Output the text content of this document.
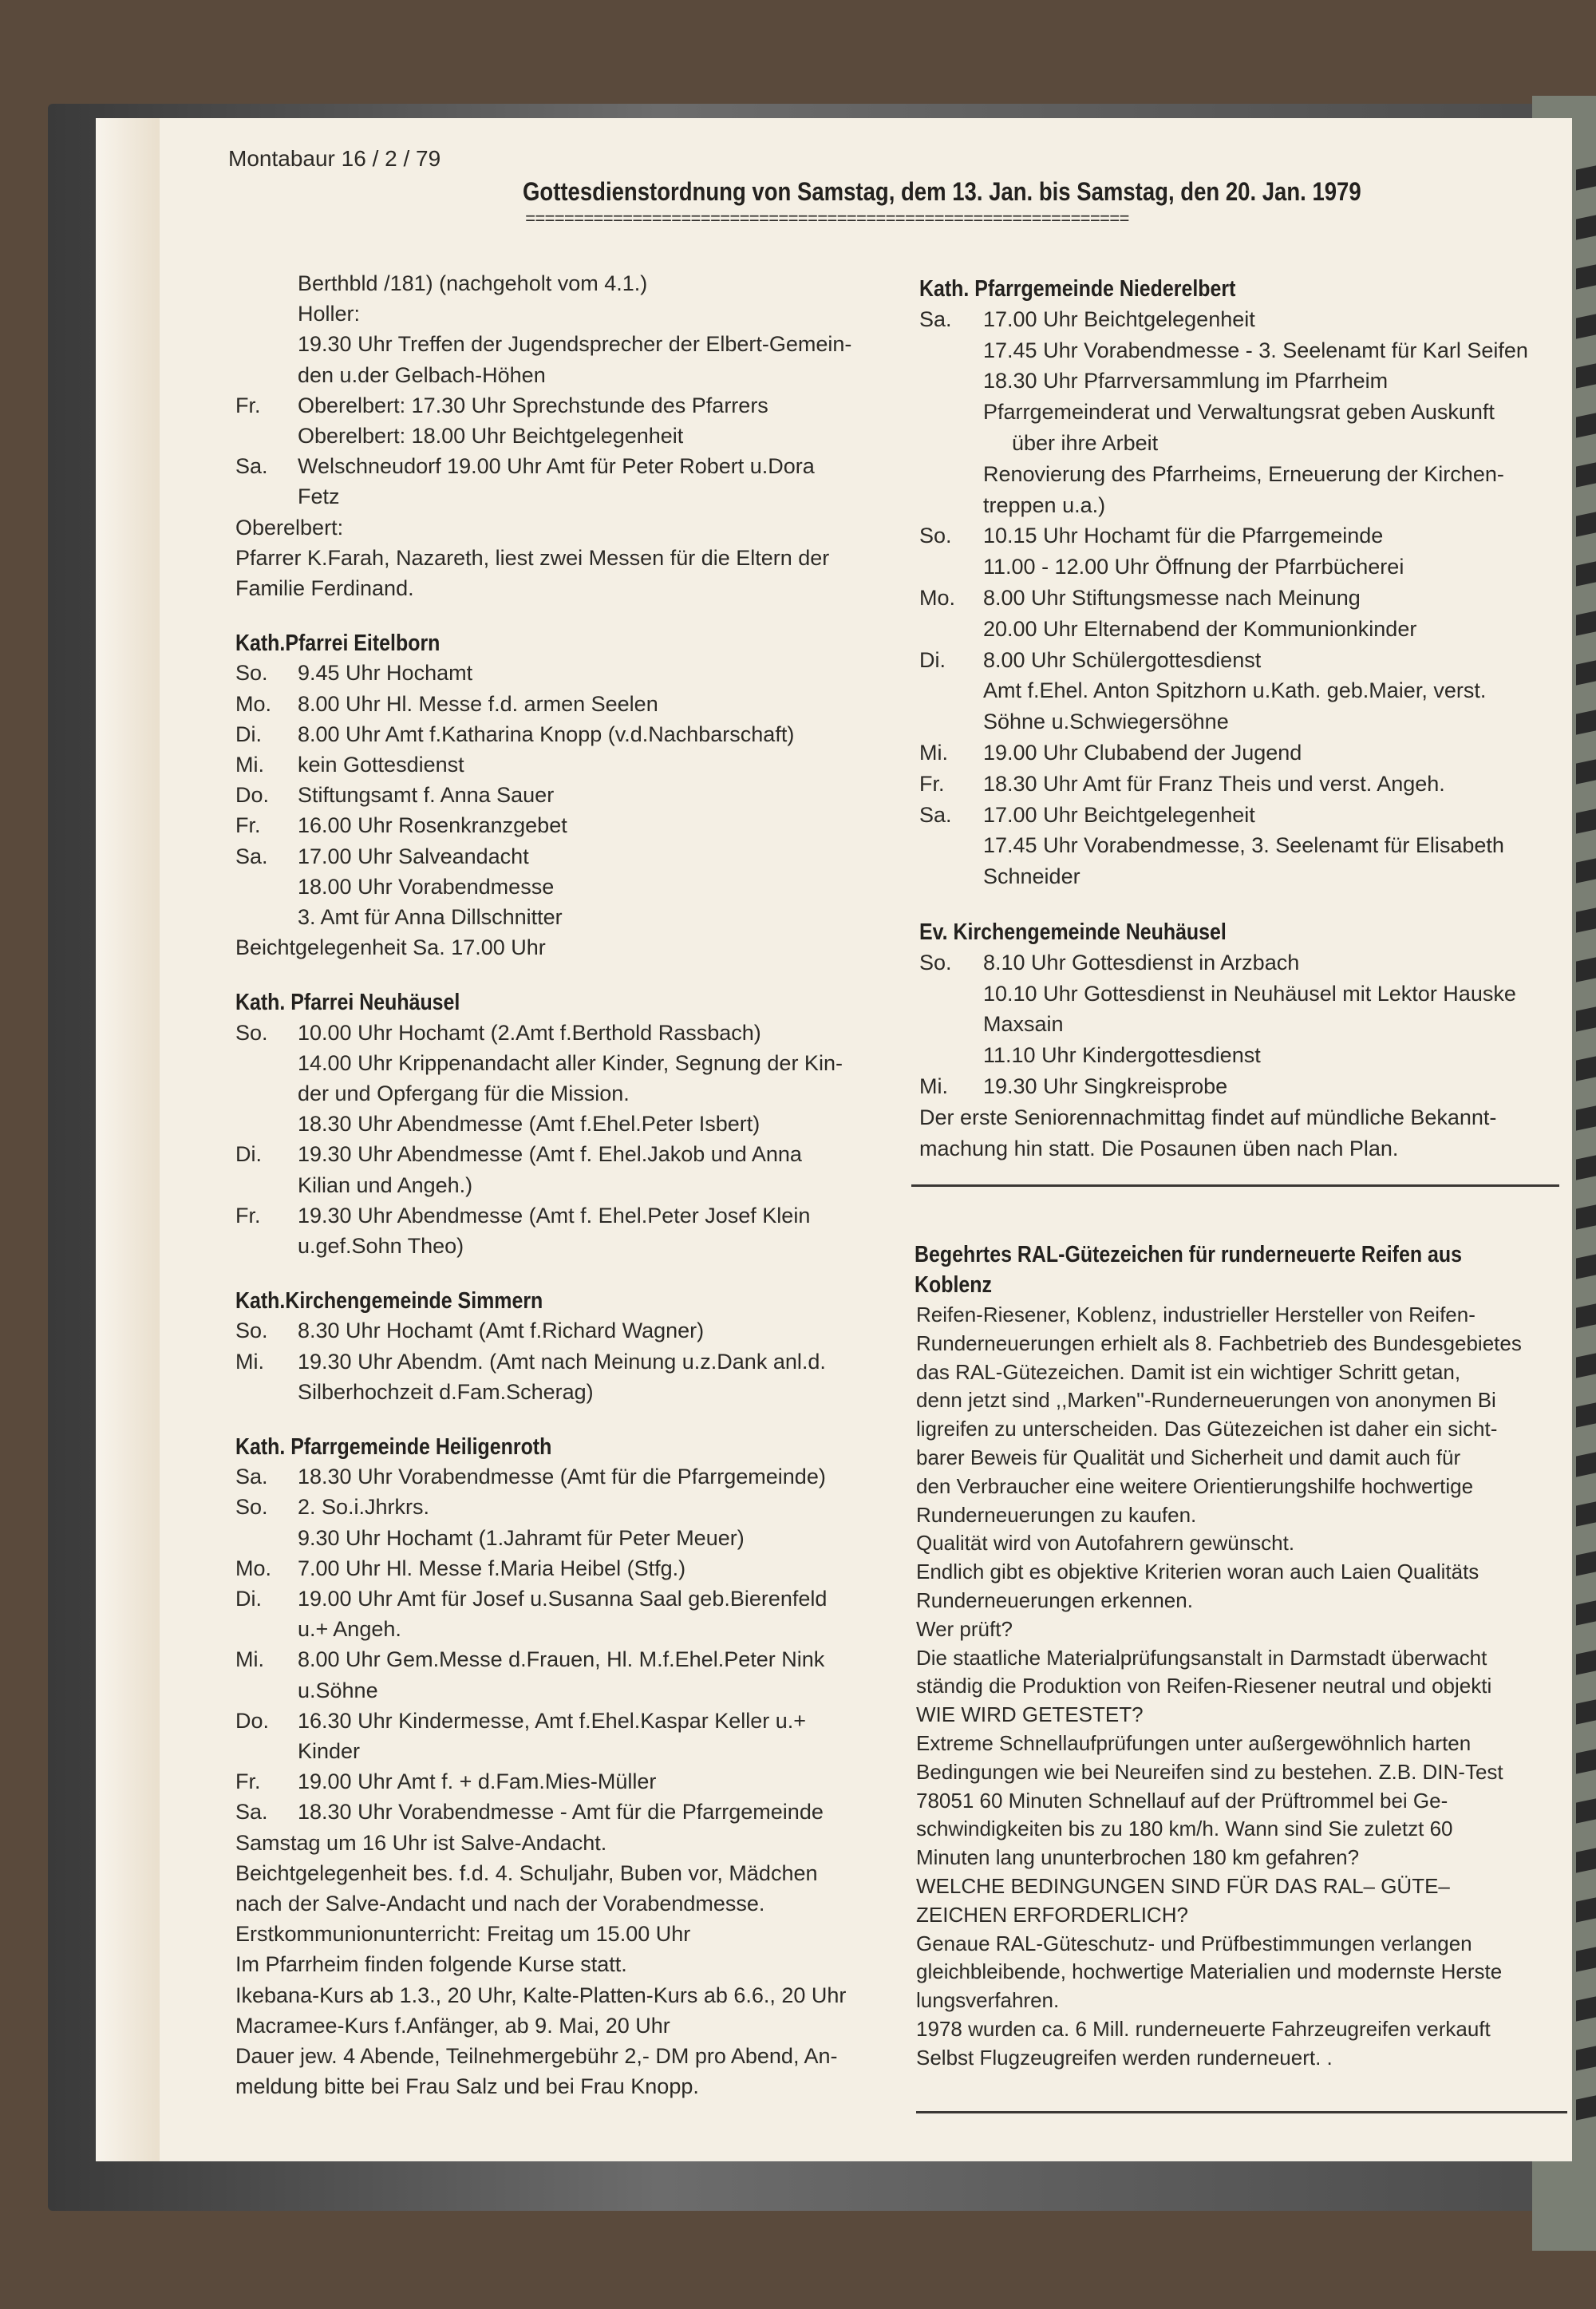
Montabaur 16 / 2 / 79
Gottesdienstordnung von Samstag, dem 13. Jan. bis Samstag, den 20. Jan. 1979
==============================================================
Berthbld /181) (nachgeholt vom 4.1.)
Holler:
19.30 Uhr Treffen der Jugendsprecher der Elbert-Gemein-
den u.der Gelbach-Höhen
Fr. Oberelbert: 17.30 Uhr Sprechstunde des Pfarrers
Oberelbert: 18.00 Uhr Beichtgelegenheit
Sa. Welschneudorf 19.00 Uhr Amt für Peter Robert u.Dora
Fetz
Oberelbert:
Pfarrer K.Farah, Nazareth, liest zwei Messen für die Eltern der
Familie Ferdinand.
Kath.Pfarrei Eitelborn
So. 9.45 Uhr Hochamt
Mo. 8.00 Uhr Hl. Messe f.d. armen Seelen
Di. 8.00 Uhr Amt f.Katharina Knopp (v.d.Nachbarschaft)
Mi. kein Gottesdienst
Do. Stiftungsamt f. Anna Sauer
Fr. 16.00 Uhr Rosenkranzgebet
Sa. 17.00 Uhr Salveandacht
18.00 Uhr Vorabendmesse
3. Amt für Anna Dillschnitter
Beichtgelegenheit Sa. 17.00 Uhr
Kath. Pfarrei Neuhäusel
So. 10.00 Uhr Hochamt (2.Amt f.Berthold Rassbach)
14.00 Uhr Krippenandacht aller Kinder, Segnung der Kin-
der und Opfergang für die Mission.
18.30 Uhr Abendmesse (Amt f.Ehel.Peter Isbert)
Di. 19.30 Uhr Abendmesse (Amt f. Ehel.Jakob und Anna
Kilian und Angeh.)
Fr. 19.30 Uhr Abendmesse (Amt f. Ehel.Peter Josef Klein
u.gef.Sohn Theo)
Kath.Kirchengemeinde Simmern
So. 8.30 Uhr Hochamt (Amt f.Richard Wagner)
Mi. 19.30 Uhr Abendm. (Amt nach Meinung u.z.Dank anl.d.
Silberhochzeit d.Fam.Scherag)
Kath. Pfarrgemeinde Heiligenroth
Sa. 18.30 Uhr Vorabendmesse (Amt für die Pfarrgemeinde)
So. 2. So.i.Jhrkrs.
9.30 Uhr Hochamt (1.Jahramt für Peter Meuer)
Mo. 7.00 Uhr Hl. Messe f.Maria Heibel (Stfg.)
Di. 19.00 Uhr Amt für Josef u.Susanna Saal geb.Bierenfeld
u.+ Angeh.
Mi. 8.00 Uhr Gem.Messe d.Frauen, Hl. M.f.Ehel.Peter Nink
u.Söhne
Do. 16.30 Uhr Kindermesse, Amt f.Ehel.Kaspar Keller u.+
Kinder
Fr. 19.00 Uhr Amt f. + d.Fam.Mies-Müller
Sa. 18.30 Uhr Vorabendmesse - Amt für die Pfarrgemeinde
Samstag um 16 Uhr ist Salve-Andacht.
Beichtgelegenheit bes. f.d. 4. Schuljahr, Buben vor, Mädchen
nach der Salve-Andacht und nach der Vorabendmesse.
Erstkommunionunterricht: Freitag um 15.00 Uhr
Im Pfarrheim finden folgende Kurse statt.
Ikebana-Kurs ab 1.3., 20 Uhr, Kalte-Platten-Kurs ab 6.6., 20 Uhr
Macramee-Kurs f.Anfänger, ab 9. Mai, 20 Uhr
Dauer jew. 4 Abende, Teilnehmergebühr 2,- DM pro Abend, An-
meldung bitte bei Frau Salz und bei Frau Knopp.
Kath. Pfarrgemeinde Niederelbert
Sa. 17.00 Uhr Beichtgelegenheit
17.45 Uhr Vorabendmesse - 3. Seelenamt für Karl Seifen
18.30 Uhr Pfarrversammlung im Pfarrheim
Pfarrgemeinderat und Verwaltungsrat geben Auskunft
über ihre Arbeit
Renovierung des Pfarrheims, Erneuerung der Kirchen-
treppen u.a.)
So. 10.15 Uhr Hochamt für die Pfarrgemeinde
11.00 - 12.00 Uhr Öffnung der Pfarrbücherei
Mo. 8.00 Uhr Stiftungsmesse nach Meinung
20.00 Uhr Elternabend der Kommunionkinder
Di. 8.00 Uhr Schülergottesdienst
Amt f.Ehel. Anton Spitzhorn u.Kath. geb.Maier, verst.
Söhne u.Schwiegersöhne
Mi. 19.00 Uhr Clubabend der Jugend
Fr. 18.30 Uhr Amt für Franz Theis und verst. Angeh.
Sa. 17.00 Uhr Beichtgelegenheit
17.45 Uhr Vorabendmesse, 3. Seelenamt für Elisabeth
Schneider
Ev. Kirchengemeinde Neuhäusel
So. 8.10 Uhr Gottesdienst in Arzbach
10.10 Uhr Gottesdienst in Neuhäusel mit Lektor Hauske
Maxsain
11.10 Uhr Kindergottesdienst
Mi. 19.30 Uhr Singkreisprobe
Der erste Seniorennachmittag findet auf mündliche Bekannt-
machung hin statt. Die Posaunen üben nach Plan.
Begehrtes RAL-Gütezeichen für runderneuerte Reifen aus
Koblenz
Reifen-Riesener, Koblenz, industrieller Hersteller von Reifen-
Runderneuerungen erhielt als 8. Fachbetrieb des Bundesgebietes
das RAL-Gütezeichen. Damit ist ein wichtiger Schritt getan,
denn jetzt sind ,,Marken''-Runderneuerungen von anonymen Bi
ligreifen zu unterscheiden. Das Gütezeichen ist daher ein sicht-
barer Beweis für Qualität und Sicherheit und damit auch für
den Verbraucher eine weitere Orientierungshilfe hochwertige
Runderneuerungen zu kaufen.
Qualität wird von Autofahrern gewünscht.
Endlich gibt es objektive Kriterien woran auch Laien Qualitäts
Runderneuerungen erkennen.
Wer prüft?
Die staatliche Materialprüfungsanstalt in Darmstadt überwacht
ständig die Produktion von Reifen-Riesener neutral und objekti
WIE WIRD GETESTET?
Extreme Schnellaufprüfungen unter außergewöhnlich harten
Bedingungen wie bei Neureifen sind zu bestehen. Z.B. DIN-Test
78051 60 Minuten Schnellauf auf der Prüftrommel bei Ge-
schwindigkeiten bis zu 180 km/h. Wann sind Sie zuletzt 60
Minuten lang ununterbrochen 180 km gefahren?
WELCHE BEDINGUNGEN SIND FÜR DAS RAL– GÜTE–
ZEICHEN ERFORDERLICH?
Genaue RAL-Güteschutz- und Prüfbestimmungen verlangen
gleichbleibende, hochwertige Materialien und modernste Herste
lungsverfahren.
1978 wurden ca. 6 Mill. runderneuerte Fahrzeugreifen verkauft
Selbst Flugzeugreifen werden runderneuert. .
